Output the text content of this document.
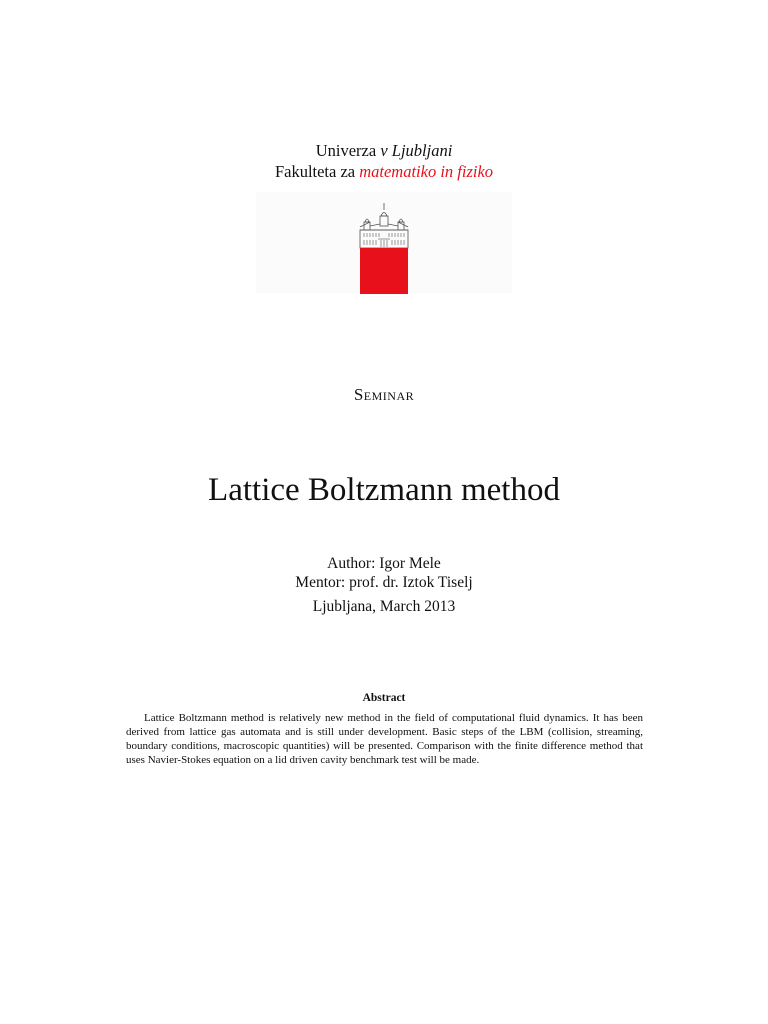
Univerza v Ljubljani
Fakulteta za matematiko in fiziko
Seminar
Lattice Boltzmann method
Author: Igor Mele
Mentor: prof. dr. Iztok Tiselj
Ljubljana, March 2013
Abstract

Lattice Boltzmann method is relatively new method in the field of computational fluid dynamics. It has been derived from lattice gas automata and is still under development. Basic steps of the LBM (collision, streaming, boundary conditions, macroscopic quantities) will be presented. Comparison with the finite difference method that uses Navier-Stokes equation on a lid driven cavity benchmark test will be made.
